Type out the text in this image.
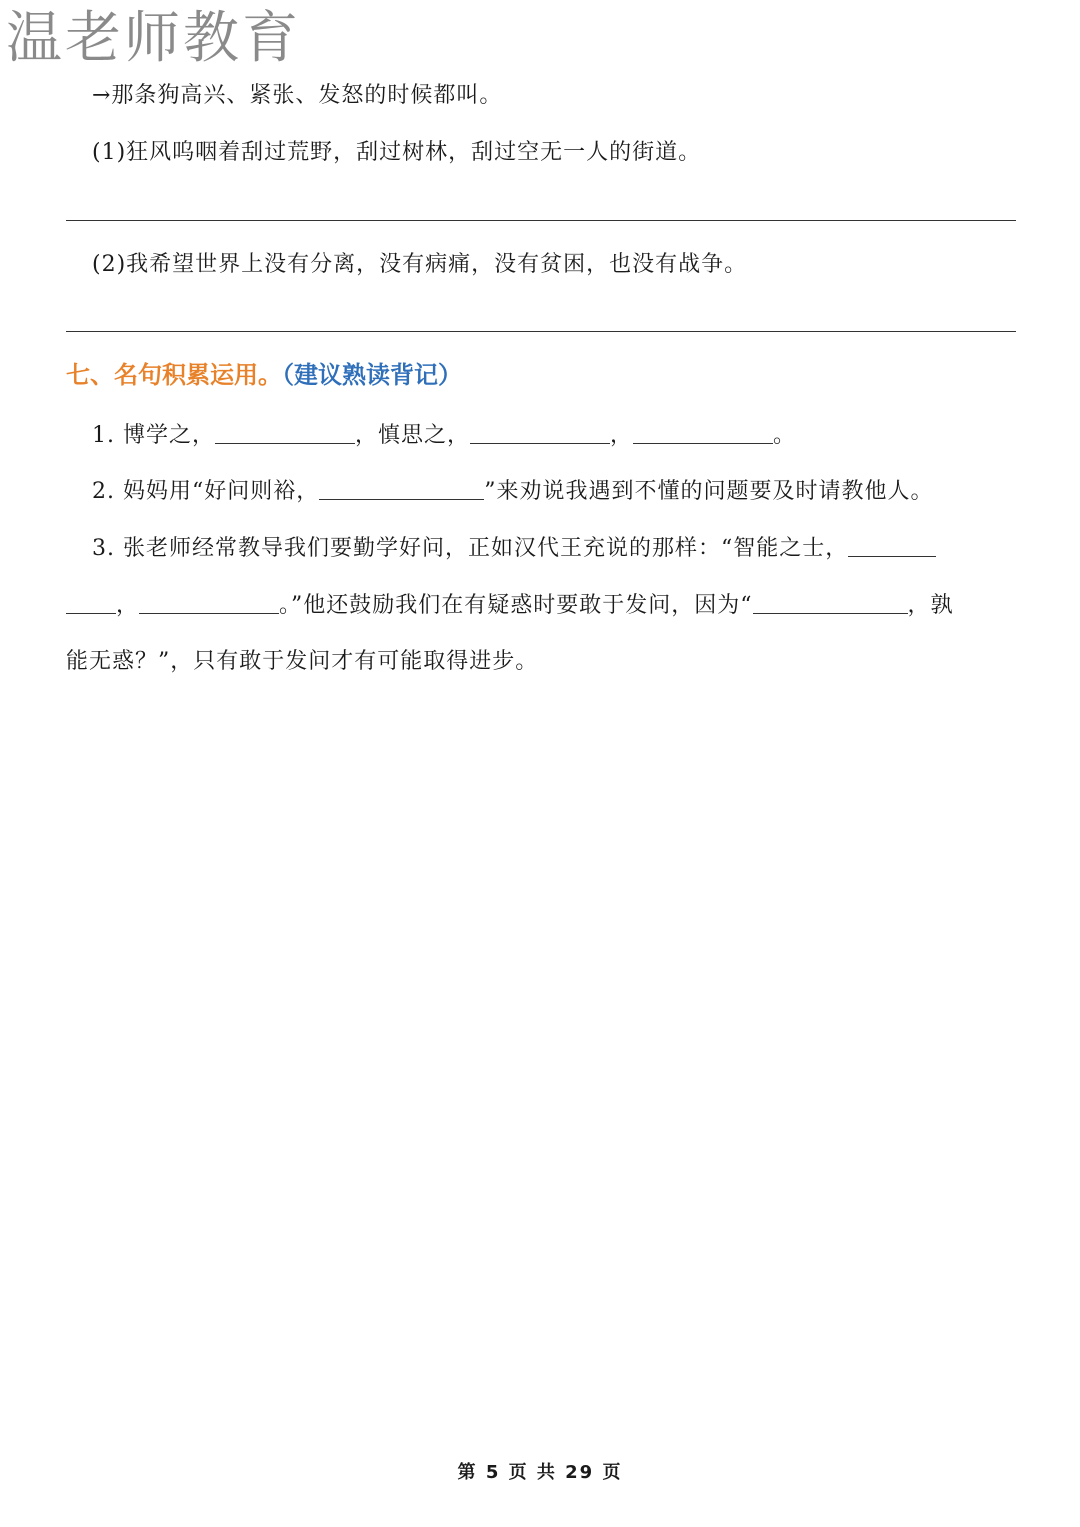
温老师教育
→那条狗高兴、紧张、发怒的时候都叫。
(1)狂风呜咽着刮过荒野，刮过树林，刮过空无一人的街道。
(2)我希望世界上没有分离，没有病痛，没有贫困，也没有战争。
七、名句积累运用。（建议熟读背记）
1. 博学之，	，慎思之，	，	。
2. 妈妈用“好问则裕，	”来劝说我遇到不懂的问题要及时请教他人。
3. 张老师经常教导我们要勤学好问，正如汉代王充说的那样：“智能之士，
，	。”他还鼓励我们在有疑惑时要敢于发问，因为“	，孰
能无惑？”，只有敢于发问才有可能取得进步。
第 5 页 共 29 页
